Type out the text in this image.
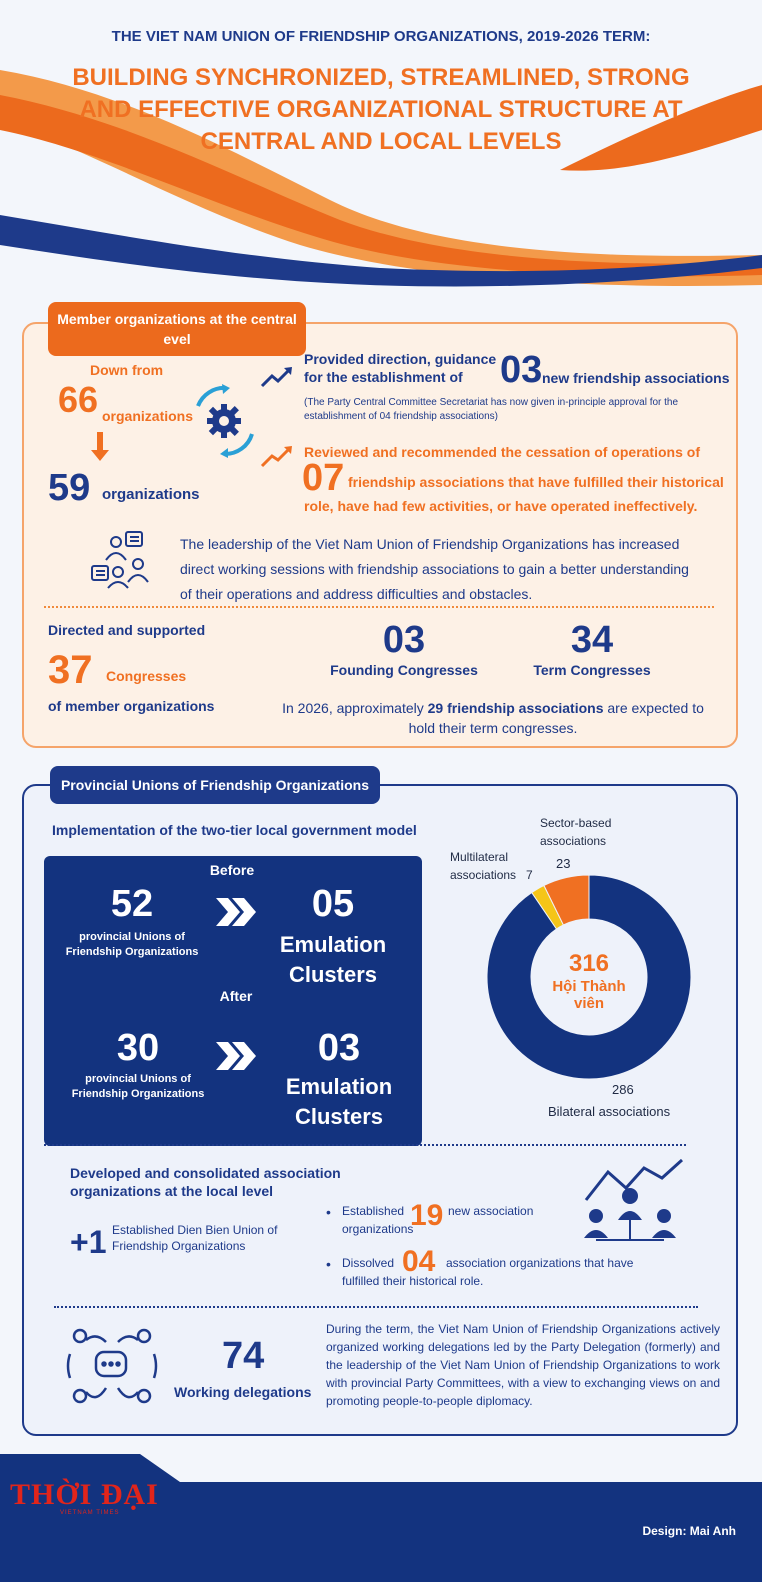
THE VIET NAM UNION OF FRIENDSHIP ORGANIZATIONS, 2019-2026 TERM:
BUILDING SYNCHRONIZED, STREAMLINED, STRONG AND EFFECTIVE ORGANIZATIONAL STRUCTURE AT CENTRAL AND LOCAL LEVELS
Member organizations at the central evel
Down from
66 organizations
59 organizations
Provided direction, guidance for the establishment of 03 new friendship associations
(The Party Central Committee Secretariat has now given in-principle approval for the establishment of 04 friendship associations)
Reviewed and recommended the cessation of operations of
07 friendship associations that have fulfilled their historical role, have had few activities, or have operated ineffectively.
The leadership of the Viet Nam Union of Friendship Organizations has increased direct working sessions with friendship associations to gain a better understanding of their operations and address difficulties and obstacles.
Directed and supported
37 Congresses
of member organizations
03
Founding Congresses
34
Term Congresses
In 2026, approximately 29 friendship associations are expected to hold their term congresses.
Provincial Unions of Friendship Organizations
Implementation of the two-tier local government model
Before
52
provincial Unions of Friendship Organizations
05
Emulation Clusters
After
30
provincial Unions of Friendship Organizations
03
Emulation Clusters
316
Hội Thành
viên
Sector-based associations
23
Multilateral associations 7
286
Bilateral associations
Developed and consolidated association organizations at the local level
+1 Established Dien Bien Union of Friendship Organizations
• Established 19 new association
organizations
• Dissolved 04 association organizations that have
fulfilled their historical role.
74
Working delegations
During the term, the Viet Nam Union of Friendship Organizations actively organized working delegations led by the Party Delegation (formerly) and the leadership of the Viet Nam Union of Friendship Organizations to work with provincial Party Committees, with a view to exchanging views on and promoting people-to-people diplomacy.
THỜI ĐẠI
VIETNAM TIMES
Design: Mai Anh
